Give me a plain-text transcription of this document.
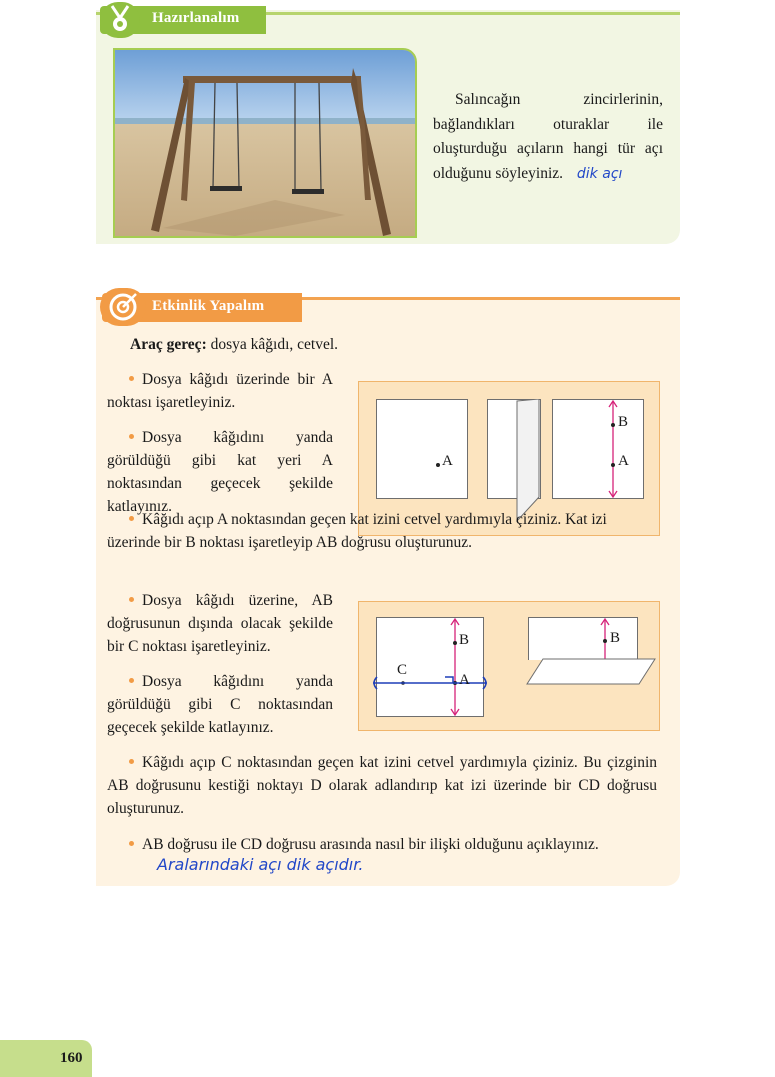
Hazırlanalım
Salıncağın zincirlerinin, bağlandıkları oturaklar ile oluşturduğu açıların hangi tür açı olduğunu söyleyiniz. dik açı
Etkinlik Yapalım
Araç gereç: dosya kâğıdı, cetvel.
Dosya kâğıdı üzerinde bir A noktası işaretleyiniz.
Dosya kâğıdını yanda görüldüğü gibi kat yeri A noktasından geçecek şekilde katlayınız.
A
B
A
Kâğıdı açıp A noktasından geçen kat izini cetvel yardımıyla çiziniz. Kat izi üzerinde bir B noktası işaretleyip AB doğrusu oluşturunuz.
Dosya kâğıdı üzerine, AB doğrusunun dışında olacak şekilde bir C noktası işaretleyiniz.
Dosya kâğıdını yanda görüldüğü gibi C noktasından geçecek şekilde katlayınız.
B
C
A
B
Kâğıdı açıp C noktasından geçen kat izini cetvel yardımıyla çiziniz. Bu çizginin AB doğrusunu kestiği noktayı D olarak adlandırıp kat izi üzerinde bir CD doğrusu oluşturunuz.
AB doğrusu ile CD doğrusu arasında nasıl bir ilişki olduğunu açıklayınız.
Aralarındaki açı dik açıdır.
160
